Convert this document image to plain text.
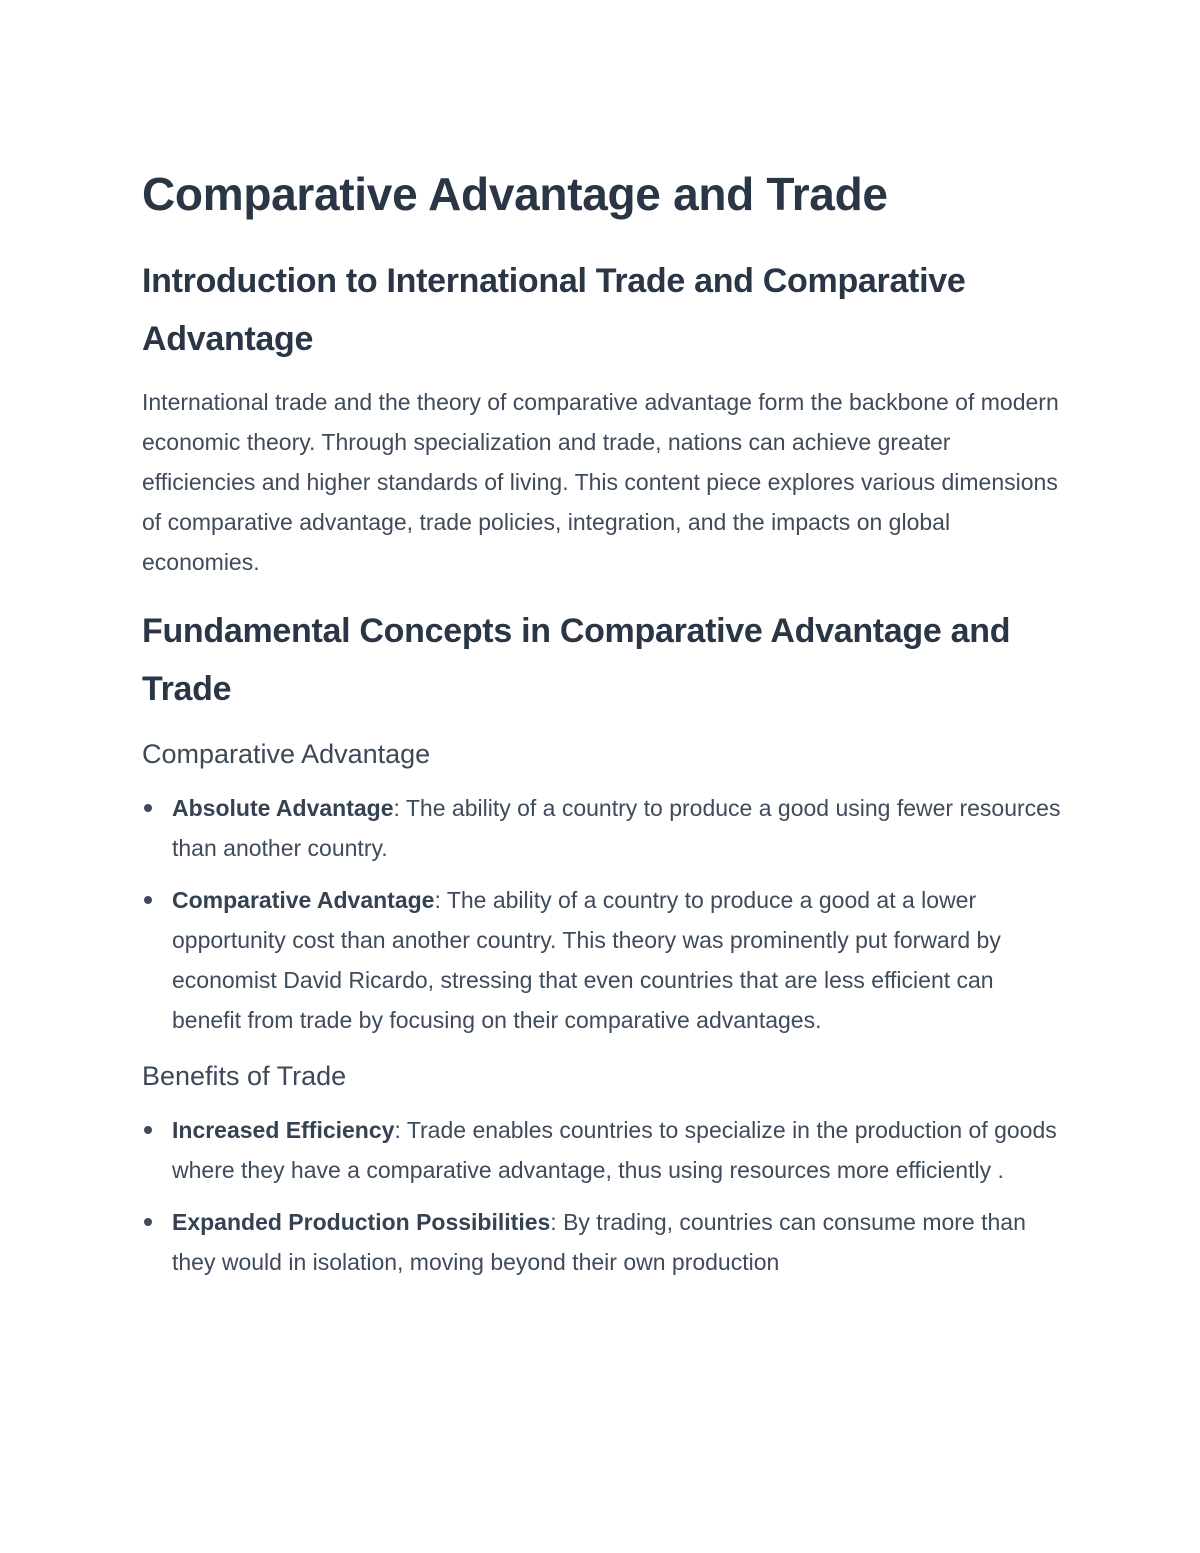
Comparative Advantage and Trade
Introduction to International Trade and Comparative Advantage

International trade and the theory of comparative advantage form the backbone of modern economic theory. Through specialization and trade, nations can achieve greater efficiencies and higher standards of living. This content piece explores various dimensions of comparative advantage, trade policies, integration, and the impacts on global economies.

Fundamental Concepts in Comparative Advantage and Trade
Comparative Advantage
Absolute Advantage: The ability of a country to produce a good using fewer resources than another country.
Comparative Advantage: The ability of a country to produce a good at a lower opportunity cost than another country. This theory was prominently put forward by economist David Ricardo, stressing that even countries that are less efficient can benefit from trade by focusing on their comparative advantages.
Benefits of Trade
Increased Efficiency: Trade enables countries to specialize in the production of goods where they have a comparative advantage, thus using resources more efficiently .
Expanded Production Possibilities: By trading, countries can consume more than they would in isolation, moving beyond their own production
